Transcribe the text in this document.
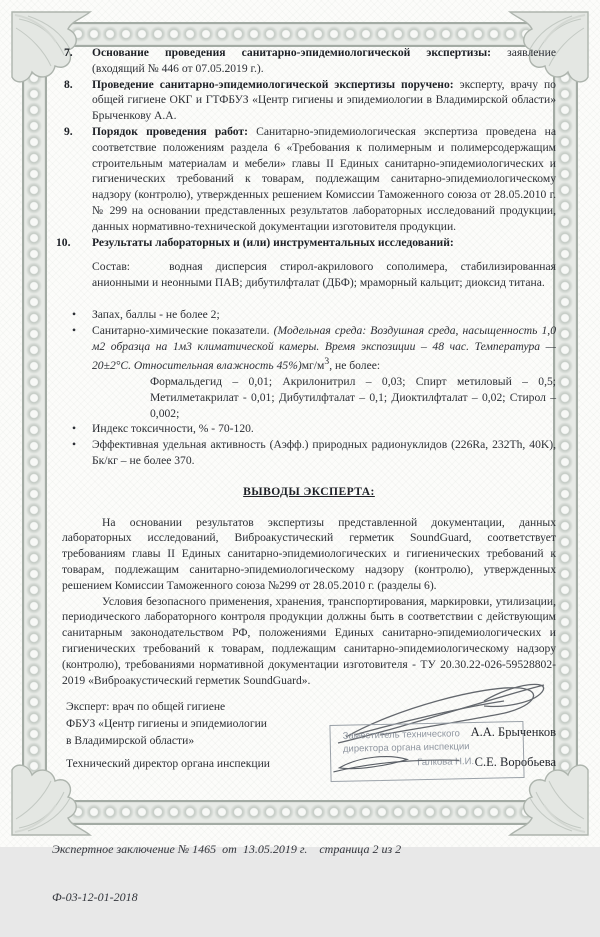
7. Основание проведения санитарно-эпидемиологической экспертизы: заявление (входящий № 446 от 07.05.2019 г.).
8. Проведение санитарно-эпидемиологической экспертизы поручено: эксперту, врачу по общей гигиене ОКГ и ГТФБУЗ «Центр гигиены и эпидемиологии в Владимирской области» Брыченкову А.А.
9. Порядок проведения работ: Санитарно-эпидемиологическая экспертиза проведена на соответствие положениям раздела 6 «Требования к полимерным и полимерсодержащим строительным материалам и мебели» главы II Единых санитарно-эпидемиологических и гигиенических требований к товарам, подлежащим санитарно-эпидемиологическому надзору (контролю), утвержденных решением Комиссии Таможенного союза от 28.05.2010 г. № 299 на основании представленных результатов лабораторных исследований продукции, данных нормативно-технической документации изготовителя продукции.
10. Результаты лабораторных и (или) инструментальных исследований:
Состав:	водная дисперсия стирол-акрилового сополимера, стабилизированная анионными и неонными ПАВ; дибутилфталат (ДБФ); мраморный кальцит; диоксид титана.
• Запах, баллы - не более 2;
• Санитарно-химические показатели. (Модельная среда: Воздушная среда, насыщенность 1,0 м2 образца на 1м3 климатической камеры. Время экспозиции – 48 час. Температура — 20±2°С. Относительная влажность $45\%)мг/м^3$, не более:
Формальдегид – 0,01; Акрилонитрил – 0,03; Спирт метиловый – 0,5; Метилметакрилат - 0,01; Дибутилфталат – 0,1; Диоктилфталат – 0,02; Стирол – 0,002;
• Индекс токсичности, % - 70-120.
• Эффективная удельная активность (Аэфф.) природных радионуклидов (226Ra, 232Th, 40K), Бк/кг – не более 370.
ВЫВОДЫ ЭКСПЕРТА:

На основании результатов экспертизы представленной документации, данных лабораторных исследований, Виброакустический герметик SoundGuard, соответствует требованиям главы II Единых санитарно-эпидемиологических и гигиенических требований к товарам, подлежащим санитарно-эпидемиологическому надзору (контролю), утвержденных решением Комиссии Таможенного союза №299 от 28.05.2010 г. (разделы 6).

Условия безопасного применения, хранения, транспортирования, маркировки, утилизации, периодического лабораторного контроля продукции должны быть в соответствии с действующим санитарным законодательством РФ, положениями Единых санитарно-эпидемиологических и гигиенических требований к товарам, подлежащим санитарно-эпидемиологическому надзору (контролю), требованиями нормативной документации изготовителя - ТУ 20.30.22-026-59528802-2019 «Виброакустический герметик SoundGuard».

Эксперт: врач по общей гигиене
ФБУЗ «Центр гигиены и эпидемиологии
в Владимирской области»
Технический директор органа инспекции
Заместитель технического
директора органа инспекции
Галкова Н.И.
А.А. Брыченков
С.Е. Воробьева

Экспертное заключение № 1465  от  13.05.2019 г.    страница 2 из 2

Ф-03-12-01-2018
